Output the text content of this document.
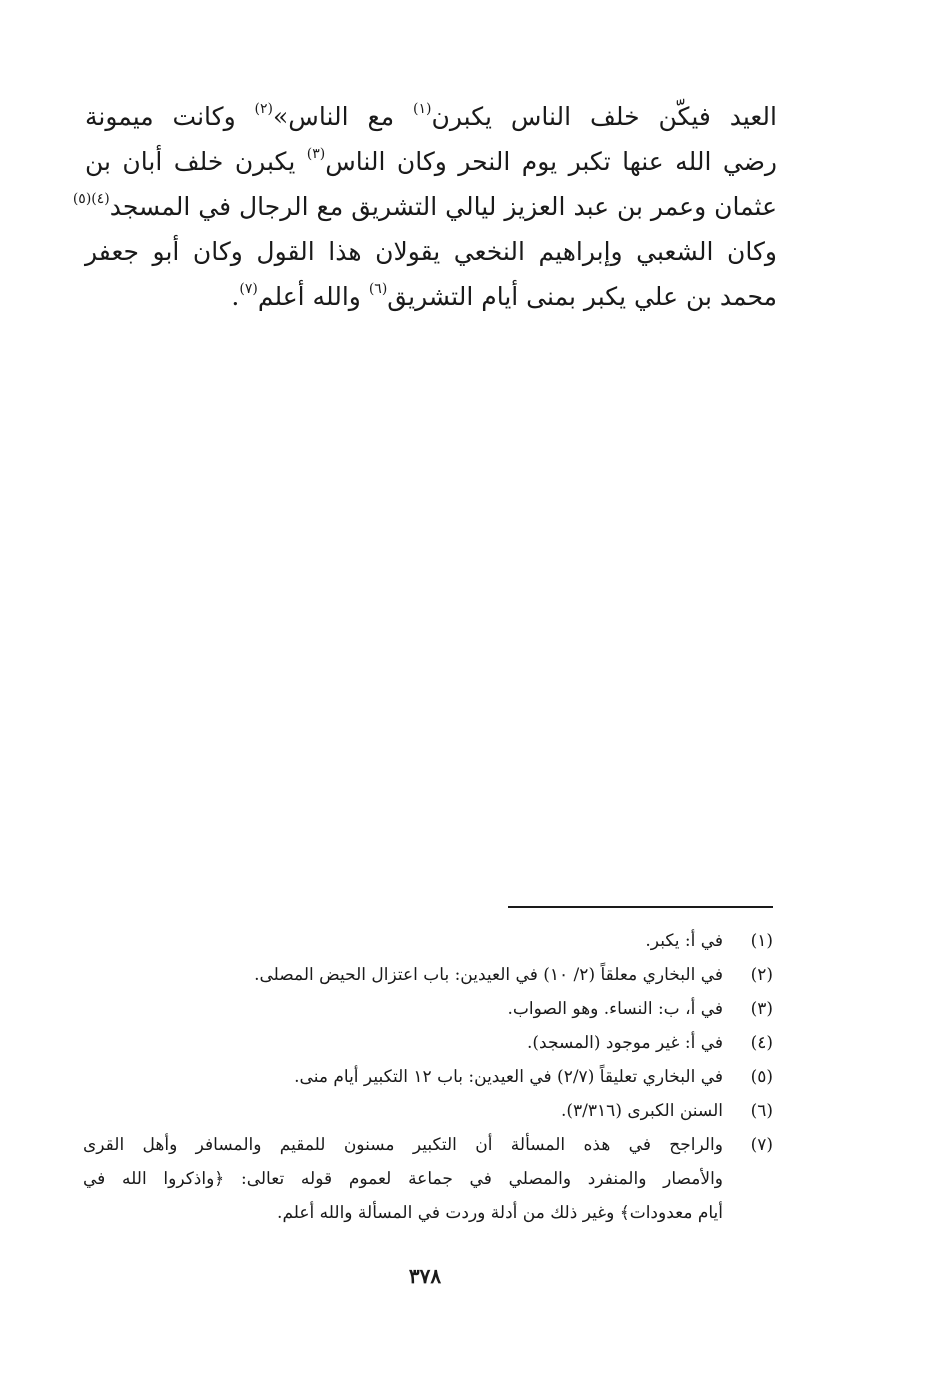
العيد فيكّن خلف الناس يكبرن$^{(١)}$ مع الناس»$^{(٢)}$ وكانت ميمونة
رضي الله عنها تكبر يوم النحر وكان الناس$^{(٣)}$ يكبرن خلف أبان بن
عثمان وعمر بن عبد العزيز ليالي التشريق مع الرجال في المسجد$^{(٤)(٥)}$
وكان الشعبي وإبراهيم النخعي يقولان هذا القول وكان أبو جعفر
محمد بن علي يكبر بمنى أيام التشريق$^{(٦)}$ والله أعلم$^{(٧)}$.
(١)
في أ: يكبر.
(٢)
في البخاري معلقاً (٢/ ١٠) في العيدين: باب اعتزال الحيض المصلى.
(٣)
في أ، ب: النساء. وهو الصواب.
(٤)
في أ: غير موجود (المسجد).
(٥)
في البخاري تعليقاً (٢/٧) في العيدين: باب ١٢ التكبير أيام منى.
(٦)
السنن الكبرى (٣/٣١٦).
(٧)
والراجح في هذه المسألة أن التكبير مسنون للمقيم والمسافر وأهل القرى
والأمصار والمنفرد والمصلي في جماعة لعموم قوله تعالى: ﴿واذكروا الله في
أيام معدودات﴾ وغير ذلك من أدلة وردت في المسألة والله أعلم.
٣٧٨
